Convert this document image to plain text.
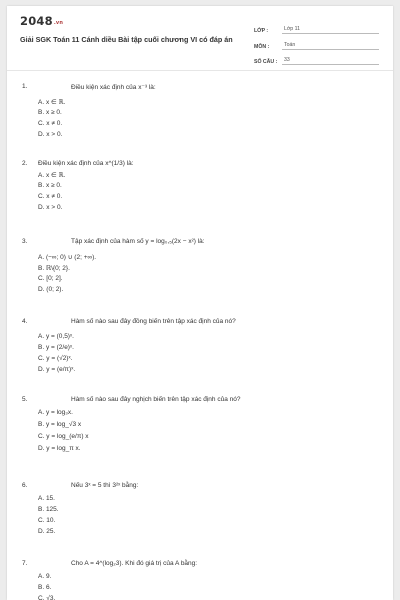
2048.vn
Giải SGK Toán 11 Cánh diều Bài tập cuối chương VI có đáp án
LỚP :	Lớp 11
MÔN :	Toán
SỐ CÂU :	33
1.	Điều kiện xác định của x⁻³ là:
A. x ∈ ℝ.
B. x ≥ 0.
C. x ≠ 0.
D. x > 0.
2. Điều kiện xác định của x^(1/3) là:
A. x ∈ ℝ.
B. x ≥ 0.
C. x ≠ 0.
D. x > 0.
3.	Tập xác định của hàm số y = log₀,₅(2x − x²) là:
A. (−∞; 0) ∪ (2; +∞).
B. ℝ\{0; 2}.
C. [0; 2].
D. (0; 2).
4.	Hàm số nào sau đây đồng biến trên tập xác định của nó?
A. y = (0,5)ˣ.
B. y = (2/e)ˣ.
C. y = (√2)ˣ.
D. y = (e/π)ˣ.
5.	Hàm số nào sau đây nghịch biến trên tập xác định của nó?
A. y = log₃x.
B. y = log_√3 x
C. y = log_(e/π) x
D. y = log_π x.
6.	Nếu 3ˣ = 5 thì 3²ˣ bằng:
A. 15.
B. 125.
C. 10.
D. 25.
7.	Cho A = 4^(log₂3). Khi đó giá trị của A bằng:
A. 9.
B. 6.
C. √3.
